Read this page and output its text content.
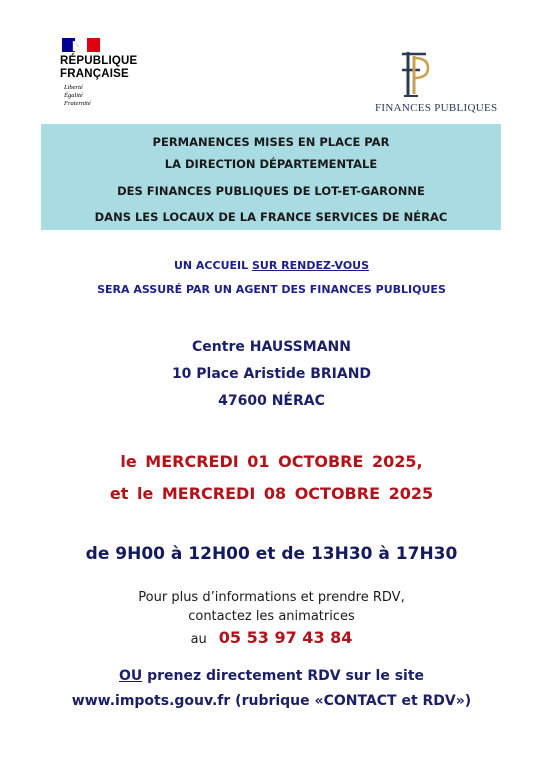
RÉPUBLIQUE
FRANÇAISE
Liberté
Égalité
Fraternité	FINANCES PUBLIQUES
PERMANENCES MISES EN PLACE PAR
LA DIRECTION DÉPARTEMENTALE
DES FINANCES PUBLIQUES DE LOT-ET-GARONNE
DANS LES LOCAUX DE LA FRANCE SERVICES DE NÉRAC
UN ACCUEIL SUR RENDEZ-VOUS
SERA ASSURÉ PAR UN AGENT DES FINANCES PUBLIQUES
Centre HAUSSMANN
10 Place Aristide BRIAND
47600 NÉRAC
le MERCREDI 01 OCTOBRE 2025,
et le MERCREDI 08 OCTOBRE 2025
de 9H00 à 12H00 et de 13H30 à 17H30
Pour plus d’informations et prendre RDV,
contactez les animatrices
au 05 53 97 43 84
OU prenez directement RDV sur le site
www.impots.gouv.fr (rubrique «CONTACT et RDV»)
